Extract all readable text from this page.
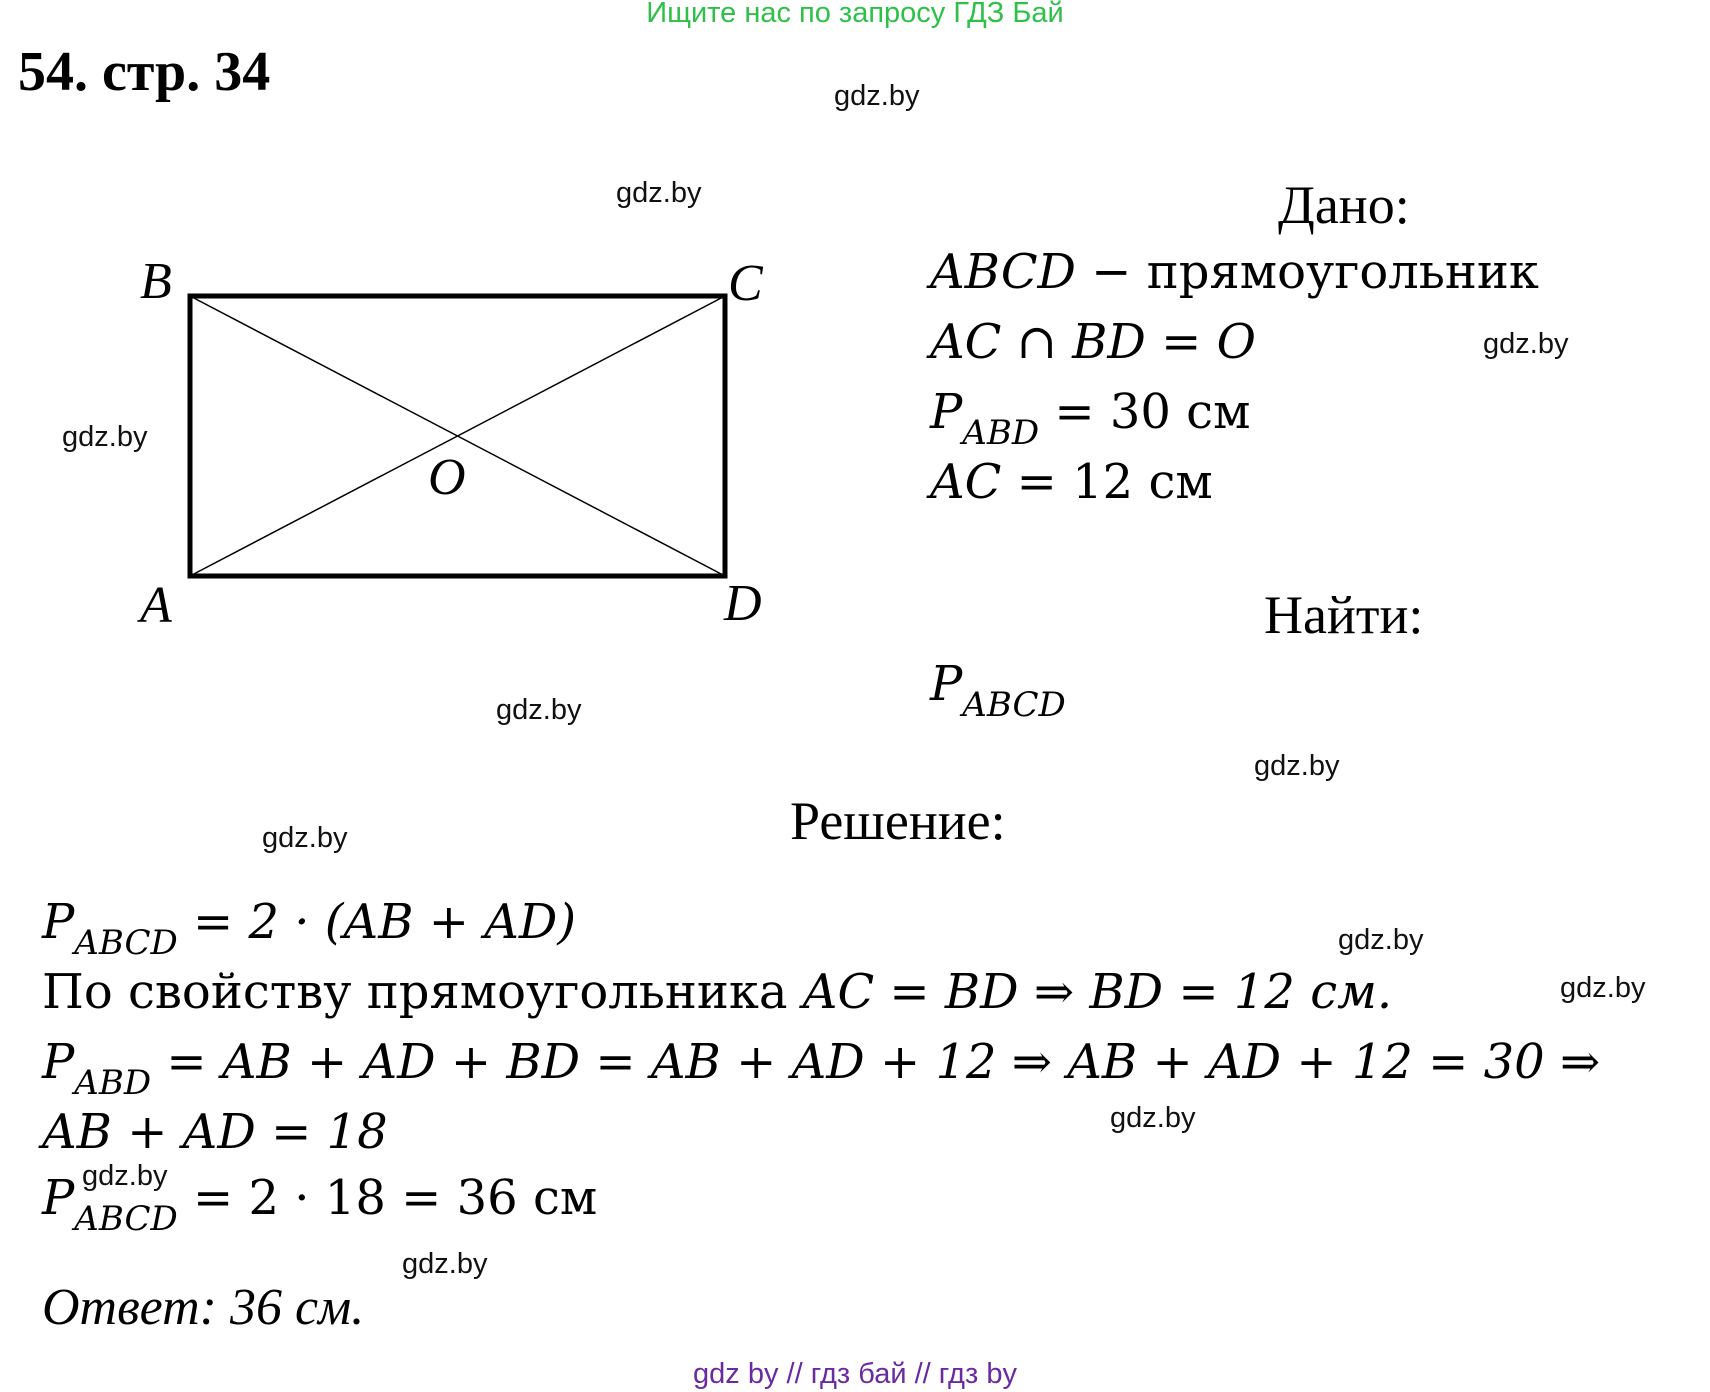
Ищите нас по запросу ГДЗ Бай
54. стр. 34	gdz.by
gdz.by
gdz.by
gdz.by
gdz.by
gdz.by
gdz.by
gdz.by
gdz.by
gdz.by
gdz.by
gdz.by
B	C
A	D
O
Дано:
ABCD − прямоугольник
AC ∩ BD = O
$P_{ABD} = 30$ см
AC = 12 см
Найти:
$P_{ABCD}$
Решение:
$P_{ABCD} = 2 \cdot (AB + AD)$
По свойству прямоугольника AC = BD ⇒ BD = 12 см.
$P_{ABD}$ = AB + AD + BD = AB + AD + 12 ⇒ AB + AD + 12 = 30 ⇒
AB + AD = 18
$P_{ABCD} = 2 \cdot 18 = 36$ см
Ответ: 36 см.
gdz by // гдз бай // гдз by
